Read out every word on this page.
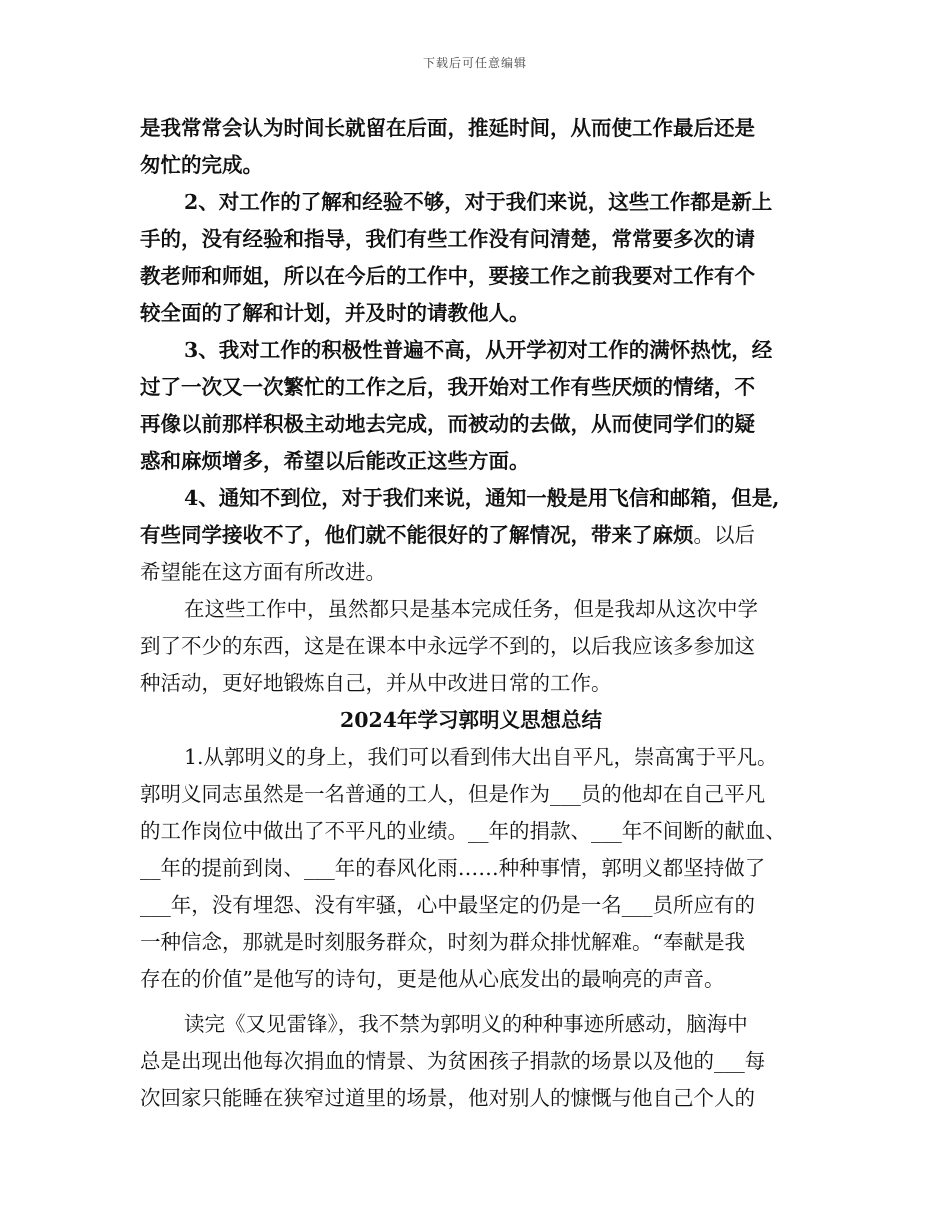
下载后可任意编辑
是我常常会认为时间长就留在后面，推延时间，从而使工作最后还是
匆忙的完成。
2、对工作的了解和经验不够，对于我们来说，这些工作都是新上
手的，没有经验和指导，我们有些工作没有问清楚，常常要多次的请
教老师和师姐，所以在今后的工作中，要接工作之前我要对工作有个
较全面的了解和计划，并及时的请教他人。
3、我对工作的积极性普遍不高，从开学初对工作的满怀热忱，经
过了一次又一次繁忙的工作之后，我开始对工作有些厌烦的情绪，不
再像以前那样积极主动地去完成，而被动的去做，从而使同学们的疑
惑和麻烦增多，希望以后能改正这些方面。
4、通知不到位，对于我们来说，通知一般是用飞信和邮箱，但是,
有些同学接收不了，他们就不能很好的了解情况，带来了麻烦。以后
希望能在这方面有所改进。
在这些工作中，虽然都只是基本完成任务，但是我却从这次中学
到了不少的东西，这是在课本中永远学不到的，以后我应该多参加这
种活动，更好地锻炼自己，并从中改进日常的工作。
2024年学习郭明义思想总结
1.从郭明义的身上，我们可以看到伟大出自平凡，崇高寓于平凡。
郭明义同志虽然是一名普通的工人，但是作为___员的他却在自己平凡
的工作岗位中做出了不平凡的业绩。__年的捐款、___年不间断的献血、
__年的提前到岗、___年的春风化雨……种种事情，郭明义都坚持做了
___年，没有埋怨、没有牢骚，心中最坚定的仍是一名___员所应有的
一种信念，那就是时刻服务群众，时刻为群众排忧解难。“奉献是我
存在的价值”是他写的诗句，更是他从心底发出的最响亮的声音。
读完《又见雷锋》，我不禁为郭明义的种种事迹所感动，脑海中
总是出现出他每次捐血的情景、为贫困孩子捐款的场景以及他的___每
次回家只能睡在狭窄过道里的场景，他对别人的慷慨与他自己个人的
